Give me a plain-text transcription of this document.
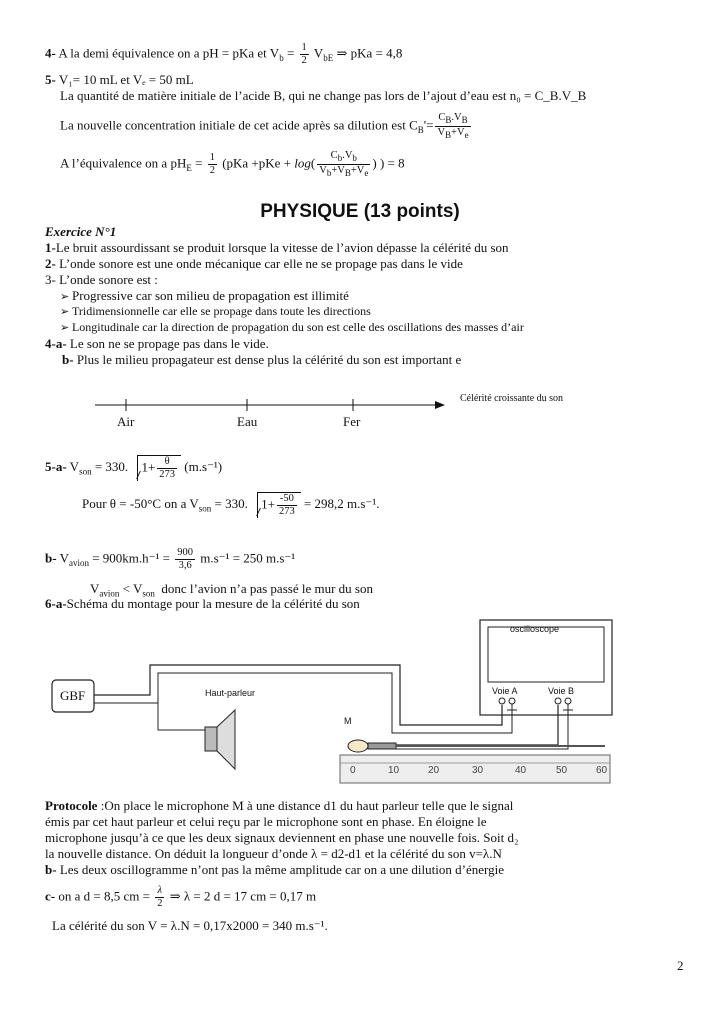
4- A la demi équivalence on a pH = pKa et $V_b = \frac{1}{2} V_{bE}$ ⇒ pKa = 4,8
5- V₁= 10 mL et Vₑ = 50 mL
La quantité de matière initiale de l’acide B, qui ne change pas lors de l’ajout d’eau est n₀ = C_B.V_B
La nouvelle concentration initiale de cet acide après sa dilution est $C_B'= \frac{C_B.V_B}{V_B+V_e}$
A l’équivalence on a $pH_E = \frac{1}{2} (pKa +pKe + \log( \frac{C_b.V_b}{V_b+V_B+V_e}$ ) ) = 8
PHYSIQUE (13 points)
Exercice N°1
1-Le bruit assourdissant se produit lorsque la vitesse de l’avion dépasse la célérité du son
2- L’onde sonore est une onde mécanique car elle ne se propage pas dans le vide
3- L’onde sonore est :
➢ Progressive car son milieu de propagation est illimité
➢ Tridimensionnelle car elle se propage dans toute les directions
➢ Longitudinale car la direction de propagation du son est celle des oscillations des masses d’air
4-a- Le son ne se propage pas dans le vide.
b- Plus le milieu propagateur est dense plus la célérité du son est important e
Célérité croissante du son
Air	Eau	Fer
5-a- $V_{son} = 330$. $1+ \frac{\theta}{273} (m.s^{-1})$
Pour θ = -50°C on a $V_{son} = 330$. $1+ \frac{-50}{273} = 298,2$ m.s⁻¹.
b- $V_{avion} = 900km.h^{-1} = \frac{900}{3,6} m.s^{-1} = 250$ m.s⁻¹
$V_{avion} < V_{son}$ donc l’avion n’a pas passé le mur du son
6-a-Schéma du montage pour la mesure de la célérité du son
GBF	Haut-parleur
oscilloscope
Voie A	Voie B
M
0	10	20	30	40	50	60
Protocole :On place le microphone M à une distance d1 du haut parleur telle que le signal
émis par cet haut parleur et celui reçu par le microphone sont en phase. En éloigne le
microphone jusqu’à ce que les deux signaux deviennent en phase une nouvelle fois. Soit d₂
la nouvelle distance. On déduit la longueur d’onde λ = d2-d1 et la célérité du son v=λ.N
b- Les deux oscillogramme n’ont pas la même amplitude car on a une dilution d’énergie
c- on a d = 8,5 cm = $\frac{\lambda}{2}$ ⇒ λ = 2 d = 17 cm = 0,17 m
La célérité du son V = λ.N = 0,17x2000 = 340 m.s⁻¹.
2
